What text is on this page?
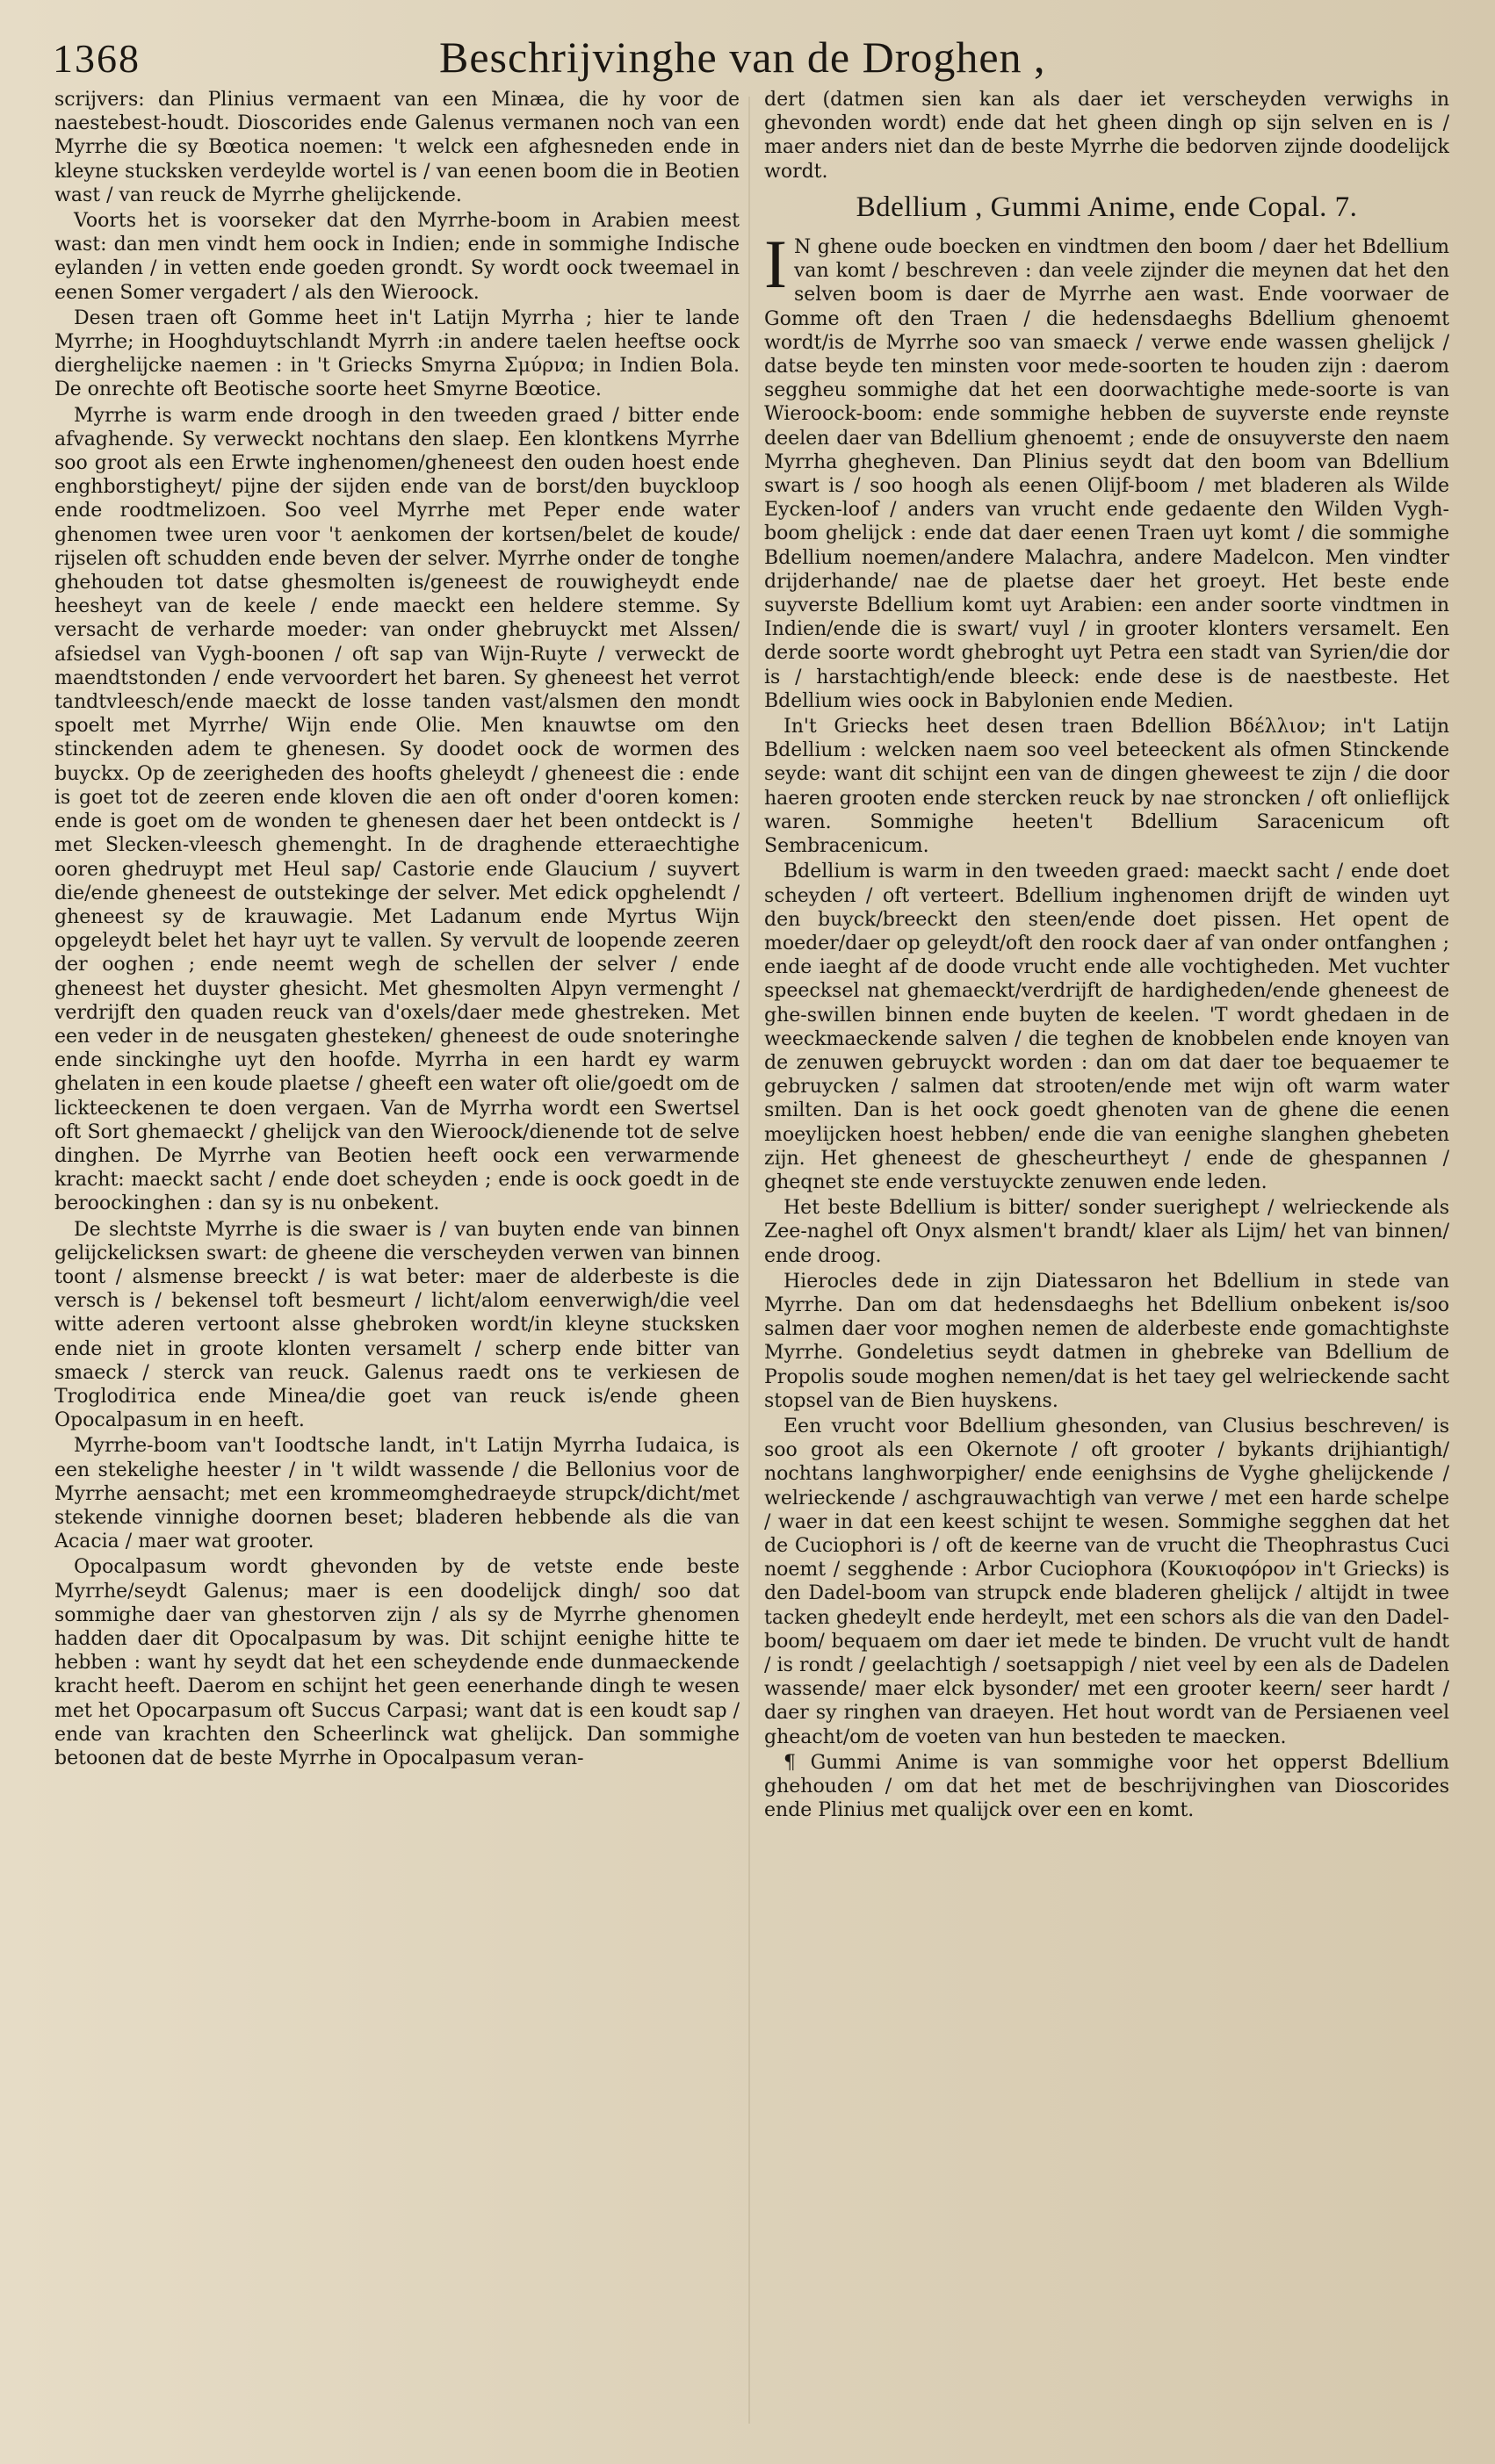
1368	Beschrijvinghe van de Droghen ,

scrijvers: dan Plinius vermaent van een Minæa, die hy voor de naestebest-houdt. Dioscorides ende Galenus vermanen noch van een Myrrhe die sy Bœotica noemen: 't welck een afghesneden ende in kleyne stucksken verdeylde wortel is / van eenen boom die in Beotien wast / van reuck de Myrrhe ghelijckende.

Voorts het is voorseker dat den Myrrhe-boom in Arabien meest wast: dan men vindt hem oock in Indien; ende in sommighe Indische eylanden / in vetten ende goeden grondt. Sy wordt oock tweemael in eenen Somer vergadert / als den Wieroock.

Desen traen oft Gomme heet in't Latijn Myrrha ; hier te lande Myrrhe; in Hooghduytschlandt Myrrh :in andere taelen heeftse oock dierghelijcke naemen : in 't Griecks Smyrna Σμύρνα; in Indien Bola. De onrechte oft Beotische soorte heet Smyrne Bœotice.

Myrrhe is warm ende droogh in den tweeden graed / bitter ende afvaghende. Sy verweckt nochtans den slaep. Een klontkens Myrrhe soo groot als een Erwte inghenomen/gheneest den ouden hoest ende enghborstigheyt/ pijne der sijden ende van de borst/den buyckloop ende roodtmelizoen. Soo veel Myrrhe met Peper ende water ghenomen twee uren voor 't aenkomen der kortsen/belet de koude/ rijselen oft schudden ende beven der selver. Myrrhe onder de tonghe ghehouden tot datse ghesmolten is/geneest de rouwigheydt ende heesheyt van de keele / ende maeckt een heldere stemme. Sy versacht de verharde moeder: van onder ghebruyckt met Alssen/ afsiedsel van Vygh-boonen / oft sap van Wijn-Ruyte / verweckt de maendtstonden / ende vervoordert het baren. Sy gheneest het verrot tandtvleesch/ende maeckt de losse tanden vast/alsmen den mondt spoelt met Myrrhe/ Wijn ende Olie. Men knauwtse om den stinckenden adem te ghenesen. Sy doodet oock de wormen des buyckx. Op de zeerigheden des hoofts gheleydt / gheneest die : ende is goet tot de zeeren ende kloven die aen oft onder d'ooren komen: ende is goet om de wonden te ghenesen daer het been ontdeckt is / met Slecken-vleesch ghemenght. In de draghende etteraechtighe ooren ghedruypt met Heul sap/ Castorie ende Glaucium / suyvert die/ende gheneest de outstekinge der selver. Met edick opghelendt / gheneest sy de krauwagie. Met Ladanum ende Myrtus Wijn opgeleydt belet het hayr uyt te vallen. Sy vervult de loopende zeeren der ooghen ; ende neemt wegh de schellen der selver / ende gheneest het duyster ghesicht. Met ghesmolten Alpyn vermenght / verdrijft den quaden reuck van d'oxels/daer mede ghestreken. Met een veder in de neusgaten ghesteken/ gheneest de oude snoteringhe ende sinckinghe uyt den hoofde. Myrrha in een hardt ey warm ghelaten in een koude plaetse / gheeft een water oft olie/goedt om de lickteeckenen te doen vergaen. Van de Myrrha wordt een Swertsel oft Sort ghemaeckt / ghelijck van den Wieroock/dienende tot de selve dinghen. De Myrrhe van Beotien heeft oock een verwarmende kracht: maeckt sacht / ende doet scheyden ; ende is oock goedt in de beroockinghen : dan sy is nu onbekent.

De slechtste Myrrhe is die swaer is / van buyten ende van binnen gelijckelicksen swart: de gheene die verscheyden verwen van binnen toont / alsmense breeckt / is wat beter: maer de alderbeste is die versch is / bekensel toft besmeurt / licht/alom eenverwigh/die veel witte aderen vertoont alsse ghebroken wordt/in kleyne stucksken ende niet in groote klonten versamelt / scherp ende bitter van smaeck / sterck van reuck. Galenus raedt ons te verkiesen de Troglodiтica ende Minea/die goet van reuck is/ende gheen Opocalpasum in en heeft.

Myrrhe-boom van't Ioodtsche landt, in't Latijn Myrrha Iudaica, is een stekelighe heester / in 't wildt wassende / die Bellonius voor de Myrrhe aensacht; met een krommeomghedraeyde strupck/dicht/met stekende vinnighe doornen beset; bladeren hebbende als die van Acacia / maer wat grooter.

Opocalpasum wordt ghevonden by de vetste ende beste Myrrhe/seydt Galenus; maer is een doodelijck dingh/ soo dat sommighe daer van ghestorven zijn / als sy de Myrrhe ghenomen hadden daer dit Opocalpasum by was. Dit schijnt eenighe hitte te hebben : want hy seydt dat het een scheydende ende dunmaeckende kracht heeft. Daerom en schijnt het geen eenerhande dingh te wesen met het Opocarpasum oft Succus Carpasi; want dat is een koudt sap / ende van krachten den Scheerlinck wat ghelijck. Dan sommighe betoonen dat de beste Myrrhe in Opocalpasum veran-

dert (datmen sien kan als daer iet verscheyden verwighs in ghevonden wordt) ende dat het gheen dingh op sijn selven en is / maer anders niet dan de beste Myrrhe die bedorven zijnde doodelijck wordt.

Bdellium , Gummi Anime, ende Copal. 7.

I N ghene oude boecken en vindtmen den boom / daer het Bdellium van komt / beschreven : dan veele zijnder die meynen dat het den selven boom is daer de Myrrhe aen wast. Ende voorwaer de Gomme oft den Traen / die hedensdaeghs Bdellium ghenoemt wordt/is de Myrrhe soo van smaeck / verwe ende wassen ghelijck / datse beyde ten minsten voor mede-soorten te houden zijn : daerom seggheu sommighe dat het een doorwachtighe mede-soorte is van Wieroock-boom: ende sommighe hebben de suyverste ende reynste deelen daer van Bdellium ghenoemt ; ende de onsuyverste den naem Myrrha ghegheven. Dan Plinius seydt dat den boom van Bdellium swart is / soo hoogh als eenen Olijf-boom / met bladeren als Wilde Eycken-loof / anders van vrucht ende gedaente den Wilden Vygh-boom ghelijck : ende dat daer eenen Traen uyt komt / die sommighe Bdellium noemen/andere Malachra, andere Madelcon. Men vindter drijderhande/ nae de plaetse daer het groeyt. Het beste ende suyverste Bdellium komt uyt Arabien: een ander soorte vindtmen in Indien/ende die is swart/ vuyl / in grooter klonters versamelt. Een derde soorte wordt ghebroght uyt Petra een stadt van Syrien/die dor is / harstachtigh/ende bleeck: ende dese is de naestbeste. Het Bdellium wies oock in Babylonien ende Medien.

In't Griecks heet desen traen Bdellion Βδέλλιον; in't Latijn Bdellium : welcken naem soo veel beteeckent als ofmen Stinckende seyde: want dit schijnt een van de dingen gheweest te zijn / die door haeren grooten ende stercken reuck by nae stroncken / oft onlieflijck waren. Sommighe heeten't Bdellium Saracenicum oft Sembracenicum.

Bdellium is warm in den tweeden graed: maeckt sacht / ende doet scheyden / oft verteert. Bdellium inghenomen drijft de winden uyt den buyck/breeckt den steen/ende doet pissen. Het opent de moeder/daer op geleydt/oft den roock daer af van onder ontfanghen ; ende iaeght af de doode vrucht ende alle vochtigheden. Met vuchter speecksel nat ghemaeckt/verdrijft de hardigheden/ende gheneest de ghe-swillen binnen ende buyten de keelen. 'T wordt ghedaen in de weeckmaeckende salven / die teghen de knobbelen ende knoyen van de zenuwen gebruyckt worden : dan om dat daer toe bequaemer te gebruycken / salmen dat strooten/ende met wijn oft warm water smilten. Dan is het oock goedt ghenoten van de ghene die eenen moeylijcken hoest hebben/ ende die van eenighe slanghen ghebeten zijn. Het gheneest de ghescheurtheyt / ende de ghespannen / gheqnet ste ende verstuyckte zenuwen ende leden.

Het beste Bdellium is bitter/ sonder suerighept / welrieckende als Zee-naghel oft Onyx alsmen't brandt/ klaer als Lijm/ het van binnen/ ende droog.

Hierocles dede in zijn Diatessaron het Bdellium in stede van Myrrhe. Dan om dat hedensdaeghs het Bdellium onbekent is/soo salmen daer voor moghen nemen de alderbeste ende gomachtighste Myrrhe. Gondeletius seydt datmen in ghebreke van Bdellium de Propolis soude moghen nemen/dat is het taey gel welrieckende sacht stopsel van de Bien huyskens.

Een vrucht voor Bdellium ghesonden, van Clusius beschreven/ is soo groot als een Okernote / oft grooter / bykants drijhiantigh/ nochtans langhworpigher/ ende eenighsins de Vyghe ghelijckende / welrieckende / aschgrauwachtigh van verwe / met een harde schelpe / waer in dat een keest schijnt te wesen. Sommighe segghen dat het de Cuciophori is / oft de keerne van de vrucht die Theophrastus Cuci noemt / segghende : Arbor Cuciophora (Κουκιοφόρον in't Griecks) is den Dadel-boom van strupck ende bladeren ghelijck / altijdt in twee tacken ghedeylt ende herdeylt, met een schors als die van den Dadel-boom/ bequaem om daer iet mede te binden. De vrucht vult de handt / is rondt / geelachtigh / soetsappigh / niet veel by een als de Dadelen wassende/ maer elck bysonder/ met een grooter keern/ seer hardt / daer sy ringhen van draeyen. Het hout wordt van de Persiaenen veel gheacht/om de voeten van hun besteden te maecken.

¶ Gummi Anime is van sommighe voor het opperst Bdellium ghehouden / om dat het met de beschrijvinghen van Dioscorides ende Plinius met qualijck over een en komt.
